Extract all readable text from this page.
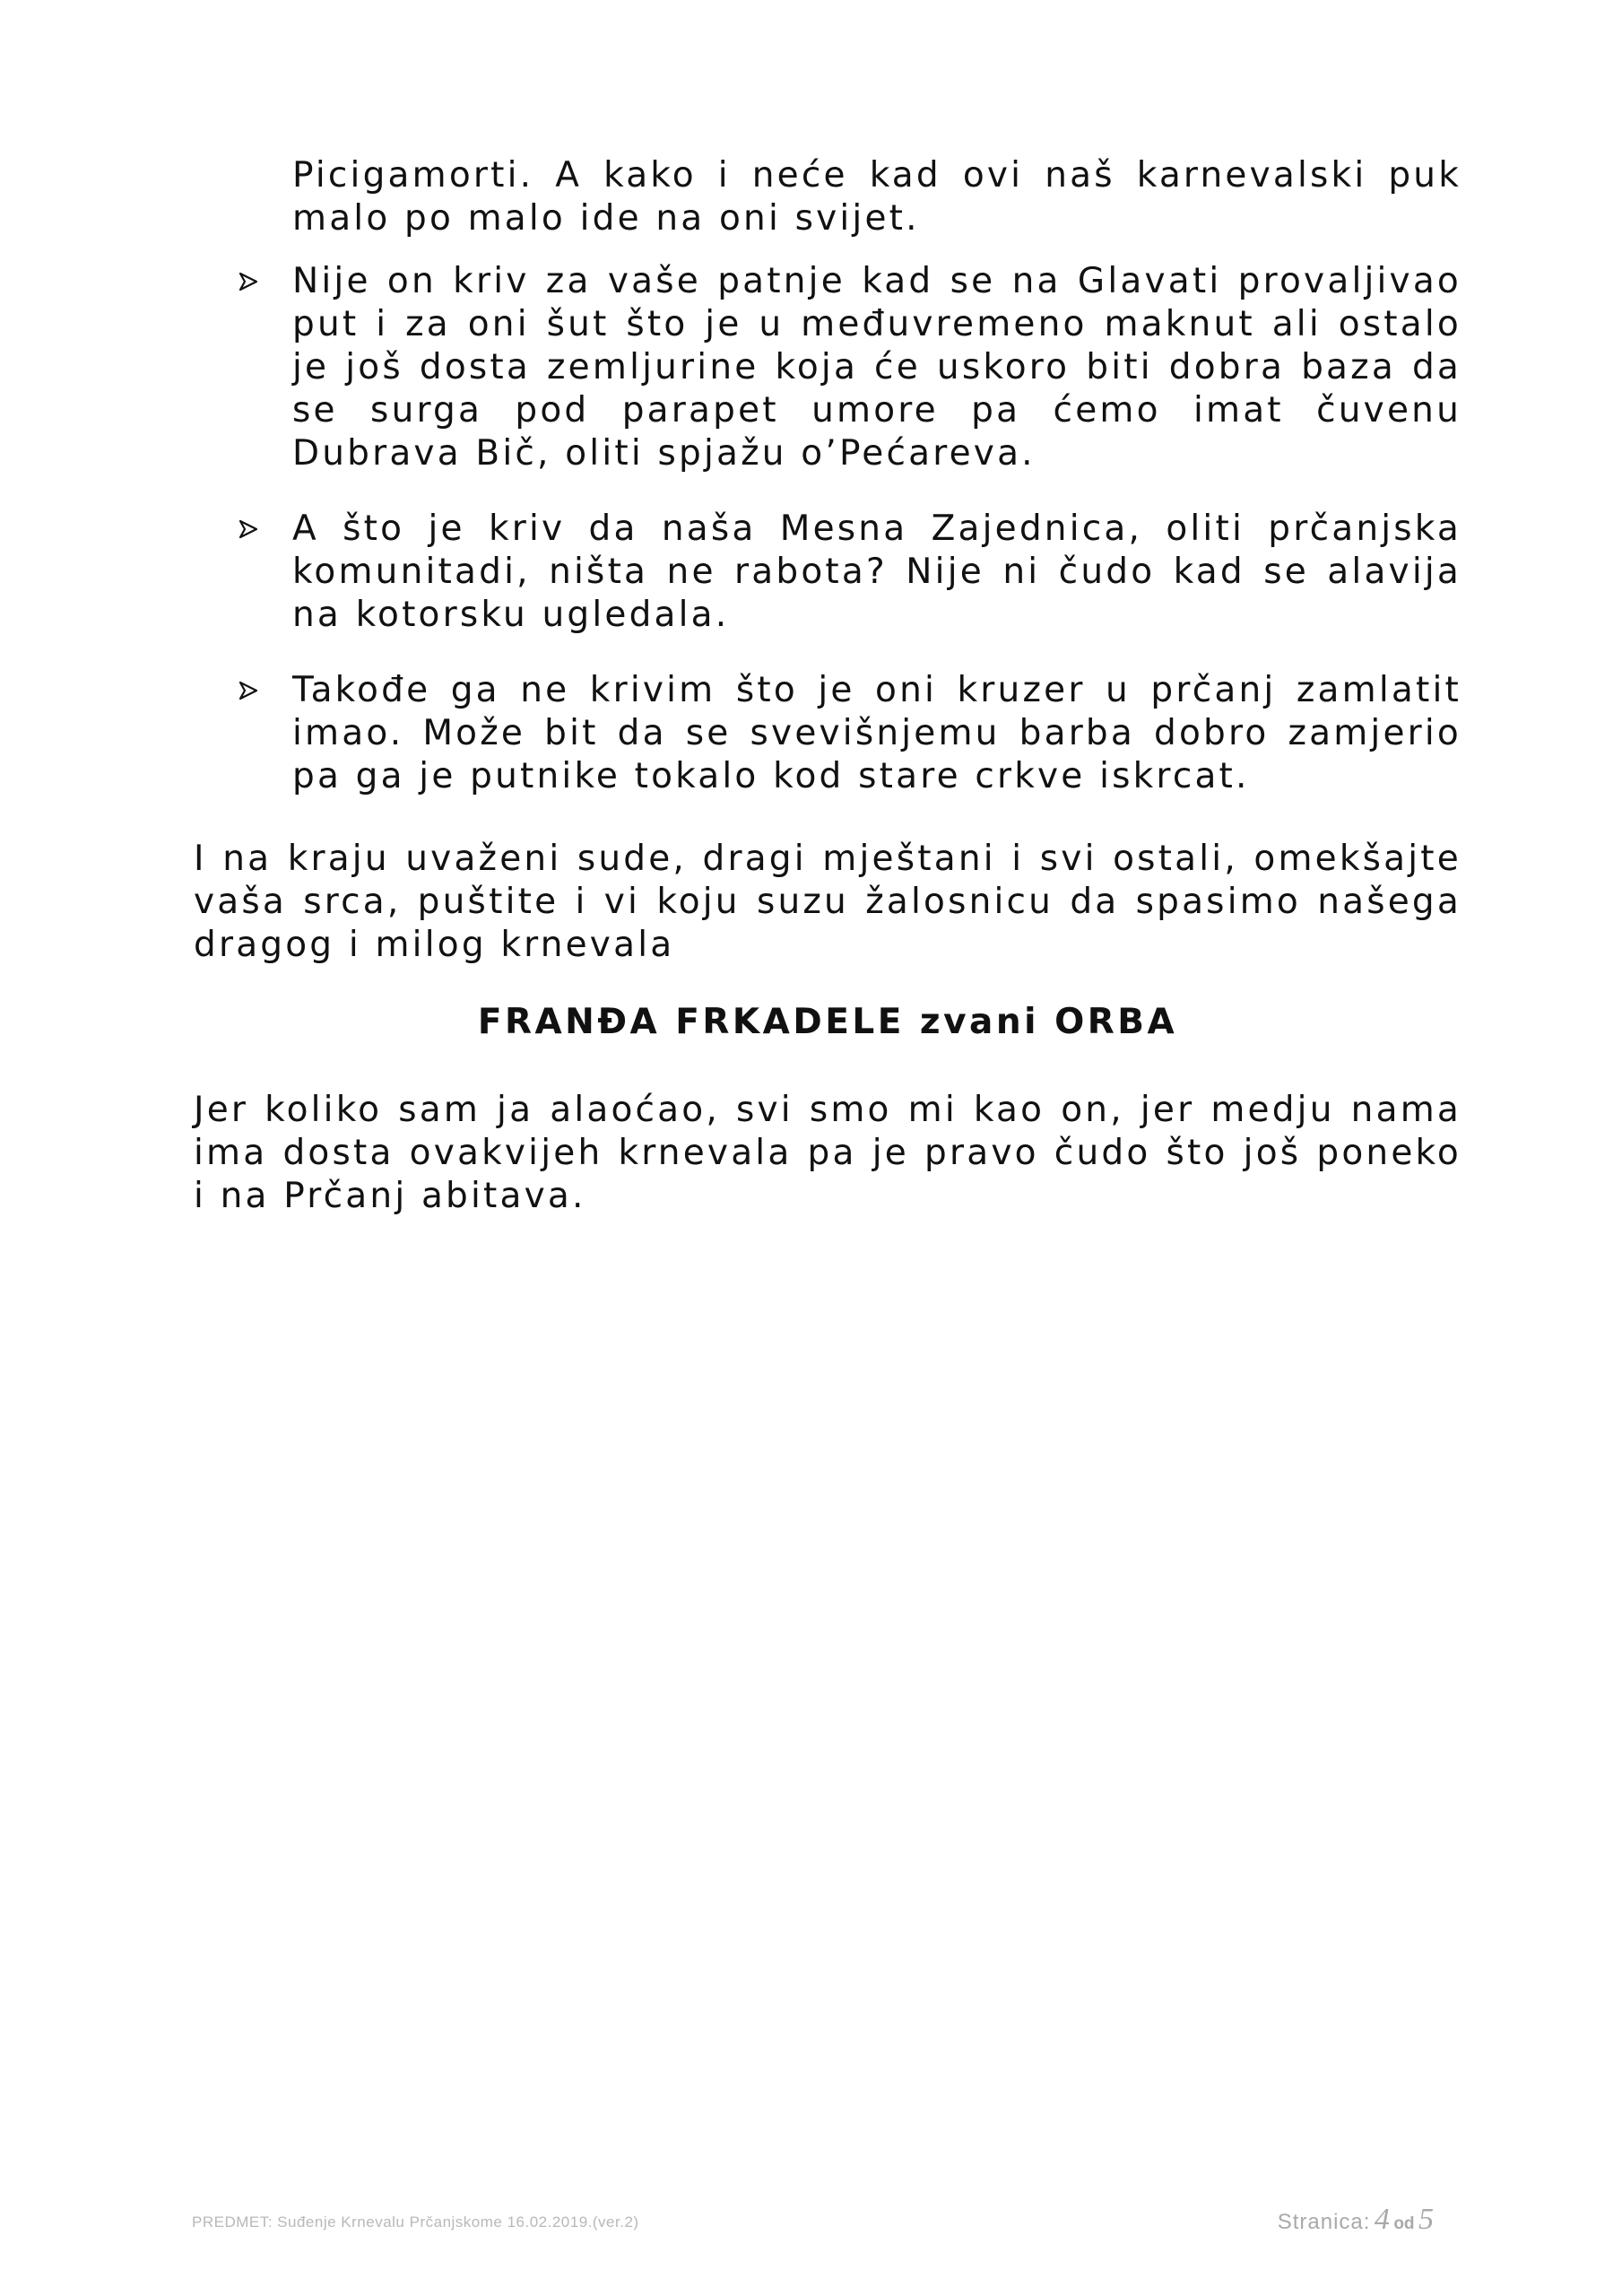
Picigamorti. A kako i neće kad ovi naš karnevalski puk malo po malo ide na oni svijet.

Nije on kriv za vaše patnje kad se na Glavati provaljivao put i za oni šut što je u međuvremeno maknut ali ostalo je još dosta zemljurine koja će uskoro biti dobra baza da se surga pod parapet umore pa ćemo imat čuvenu Dubrava Bič, oliti spjažu o’Pećareva.
A što je kriv da naša Mesna Zajednica, oliti prčanjska komunitadi, ništa ne rabota? Nije ni čudo kad se alavija na kotorsku ugledala.
Takođe ga ne krivim što je oni kruzer u prčanj zamlatit imao. Može bit da se svevišnjemu barba dobro zamjerio pa ga je putnike tokalo kod stare crkve iskrcat.

I na kraju uvaženi sude, dragi mještani i svi ostali, omekšajte vaša srca, puštite i vi koju suzu žalosnicu da spasimo našega dragog i milog krnevala

FRANĐA FRKADELE zvani ORBA

Jer koliko sam ja alaoćao, svi smo mi kao on, jer medju nama ima dosta ovakvijeh krnevala pa je pravo čudo što još poneko i na Prčanj abitava.

PREDMET: Suđenje Krnevalu Prčanjskome 16.02.2019.(ver.2)	Stranica: 4 od 5
